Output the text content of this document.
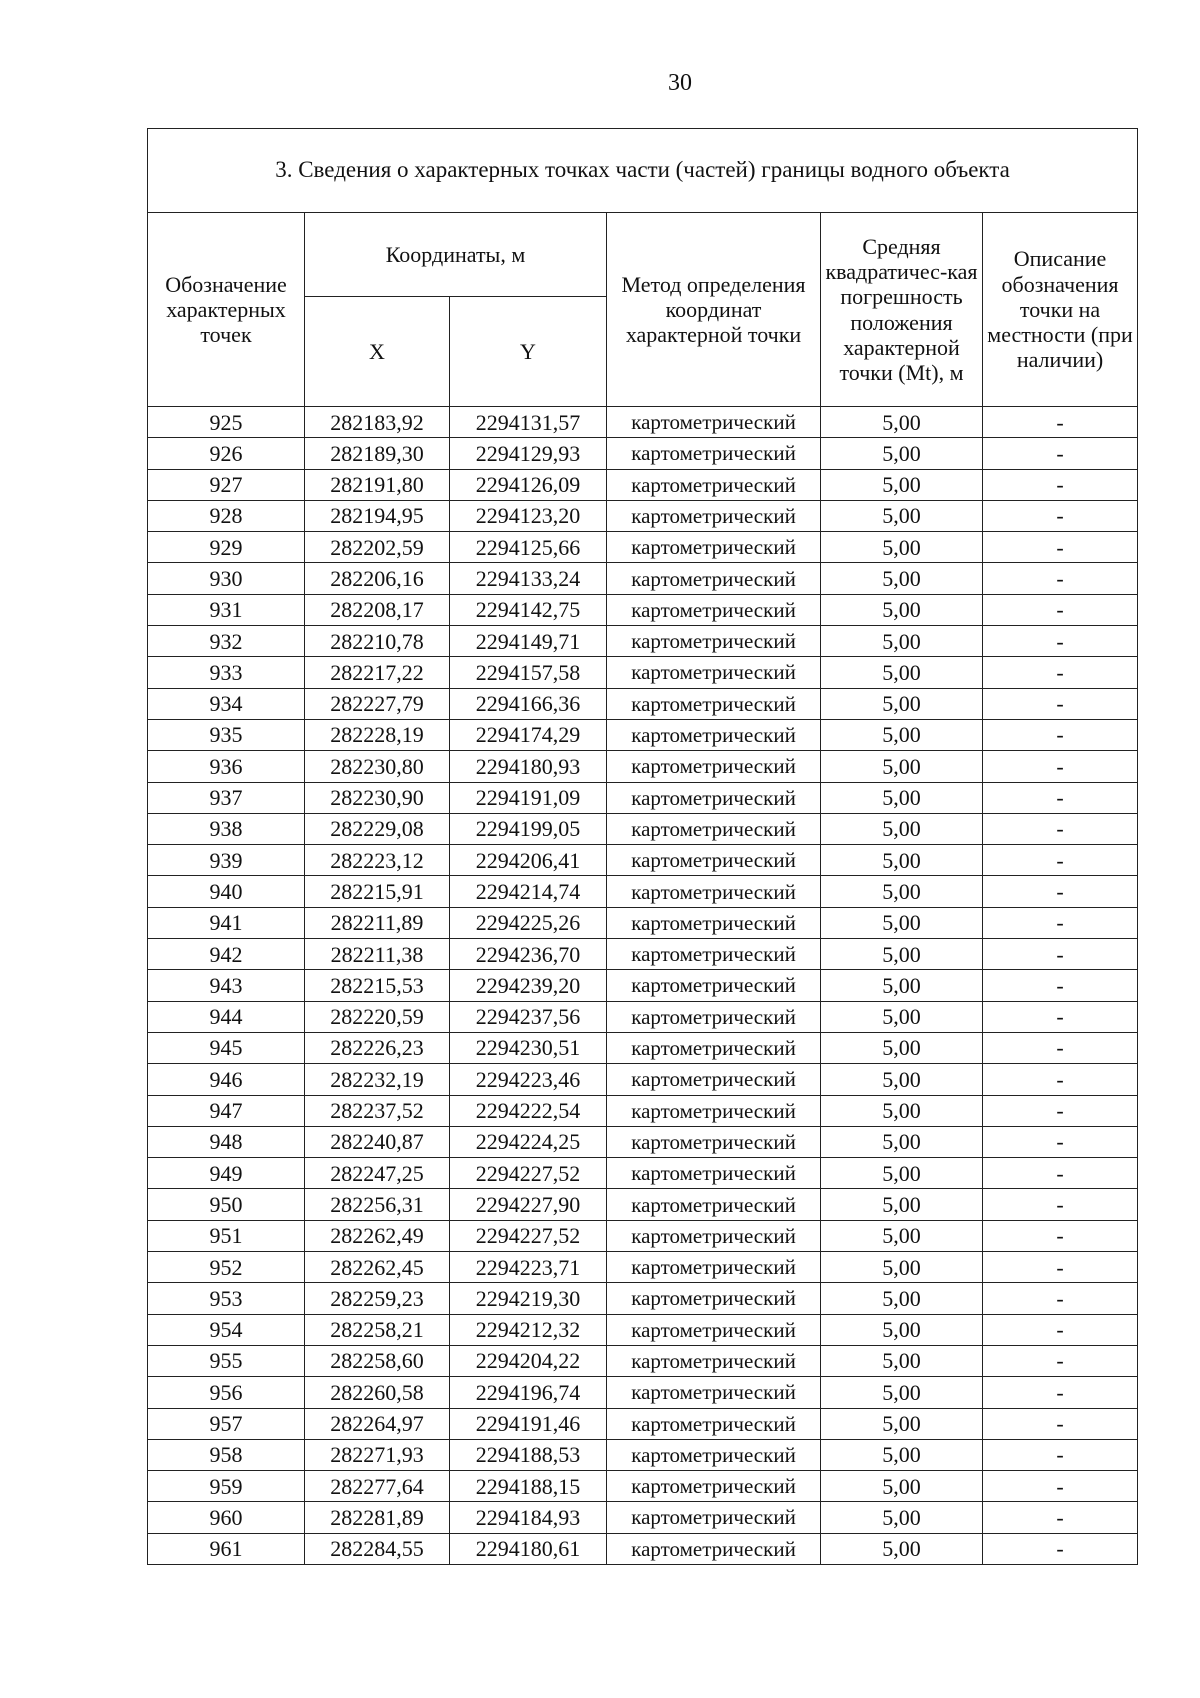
30
3. Сведения о характерных точках части (частей) границы водного объекта					
Обозначение характерных точек	Координаты, м		Метод определения координат характерной точки	Средняя квадратичес-кая погрешность положения характерной точки (Mt), м	Описание обозначения точки на местности (при наличии)
	X	Y			
925	282183,92	2294131,57	картометрический	5,00	-
926	282189,30	2294129,93	картометрический	5,00	-
927	282191,80	2294126,09	картометрический	5,00	-
928	282194,95	2294123,20	картометрический	5,00	-
929	282202,59	2294125,66	картометрический	5,00	-
930	282206,16	2294133,24	картометрический	5,00	-
931	282208,17	2294142,75	картометрический	5,00	-
932	282210,78	2294149,71	картометрический	5,00	-
933	282217,22	2294157,58	картометрический	5,00	-
934	282227,79	2294166,36	картометрический	5,00	-
935	282228,19	2294174,29	картометрический	5,00	-
936	282230,80	2294180,93	картометрический	5,00	-
937	282230,90	2294191,09	картометрический	5,00	-
938	282229,08	2294199,05	картометрический	5,00	-
939	282223,12	2294206,41	картометрический	5,00	-
940	282215,91	2294214,74	картометрический	5,00	-
941	282211,89	2294225,26	картометрический	5,00	-
942	282211,38	2294236,70	картометрический	5,00	-
943	282215,53	2294239,20	картометрический	5,00	-
944	282220,59	2294237,56	картометрический	5,00	-
945	282226,23	2294230,51	картометрический	5,00	-
946	282232,19	2294223,46	картометрический	5,00	-
947	282237,52	2294222,54	картометрический	5,00	-
948	282240,87	2294224,25	картометрический	5,00	-
949	282247,25	2294227,52	картометрический	5,00	-
950	282256,31	2294227,90	картометрический	5,00	-
951	282262,49	2294227,52	картометрический	5,00	-
952	282262,45	2294223,71	картометрический	5,00	-
953	282259,23	2294219,30	картометрический	5,00	-
954	282258,21	2294212,32	картометрический	5,00	-
955	282258,60	2294204,22	картометрический	5,00	-
956	282260,58	2294196,74	картометрический	5,00	-
957	282264,97	2294191,46	картометрический	5,00	-
958	282271,93	2294188,53	картометрический	5,00	-
959	282277,64	2294188,15	картометрический	5,00	-
960	282281,89	2294184,93	картометрический	5,00	-
961	282284,55	2294180,61	картометрический	5,00	-
